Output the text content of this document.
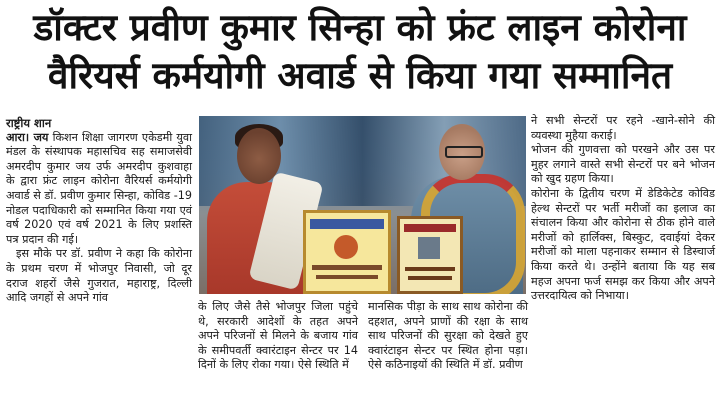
डॉक्टर प्रवीण कुमार सिन्हा को फ्रंट लाइन कोरोना
वैरियर्स कर्मयोगी अवार्ड से किया गया सम्मानित

राष्ट्रीय शान

आरा। जय किशन शिक्षा जागरण एकेडमी युवा मंडल के संस्थापक महासचिव सह समाजसेवी अमरदीप कुमार जय उर्फ अमरदीप कुशवाहा के द्वारा फ्रंट लाइन कोरोना वैरियर्स कर्मयोगी अवार्ड से डॉ. प्रवीण कुमार सिन्हा, कोविड -19 नोडल पदाधिकारी को सम्मानित किया गया एवं वर्ष 2020 एवं वर्ष 2021 के लिए प्रशस्ति पत्र प्रदान की गई।

इस मौके पर डॉ. प्रवीण ने कहा कि कोरोना के प्रथम चरण में भोजपुर निवासी, जो दूर दराज शहरों जैसे गुजरात, महाराष्ट्र, दिल्ली आदि जगहों से अपने गांव

के लिए जैसे तैसे भोजपुर जिला पहुंचे थे, सरकारी आदेशों के तहत अपने अपने परिजनों से मिलने के बजाय गांव के समीपवर्ती क्वारंटाइन सेन्टर पर 14 दिनों के लिए रोका गया। ऐसे स्थिति में

मानसिक पीड़ा के साथ साथ कोरोना की दहशत, अपने प्राणों की रक्षा के साथ साथ परिजनों की सुरक्षा को देखते हुए क्वारंटाइन सेन्टर पर स्थित होना पड़ा। ऐसे कठिनाइयों की स्थिति में डॉ. प्रवीण

ने सभी सेन्टरों पर रहने -खाने-सोने की व्यवस्था मुहैया कराई।

भोजन की गुणवत्ता को परखने और उस पर मुहर लगाने वास्ते सभी सेन्टरों पर बने भोजन को खुद ग्रहण किया।

कोरोना के द्वितीय चरण में डेडिकेटेड कोविड हेल्थ सेन्टरों पर भर्ती मरीजों का इलाज का संचालन किया और कोरोना से ठीक होने वाले मरीजों को हार्लिक्स, बिस्कुट, दवाईयां देकर मरीजों को माला पहनाकर सम्मान से डिस्चार्ज किया करते थे। उन्होंने बताया कि यह सब महज अपना फर्ज समझ कर किया और अपने उत्तरदायित्व को निभाया।
